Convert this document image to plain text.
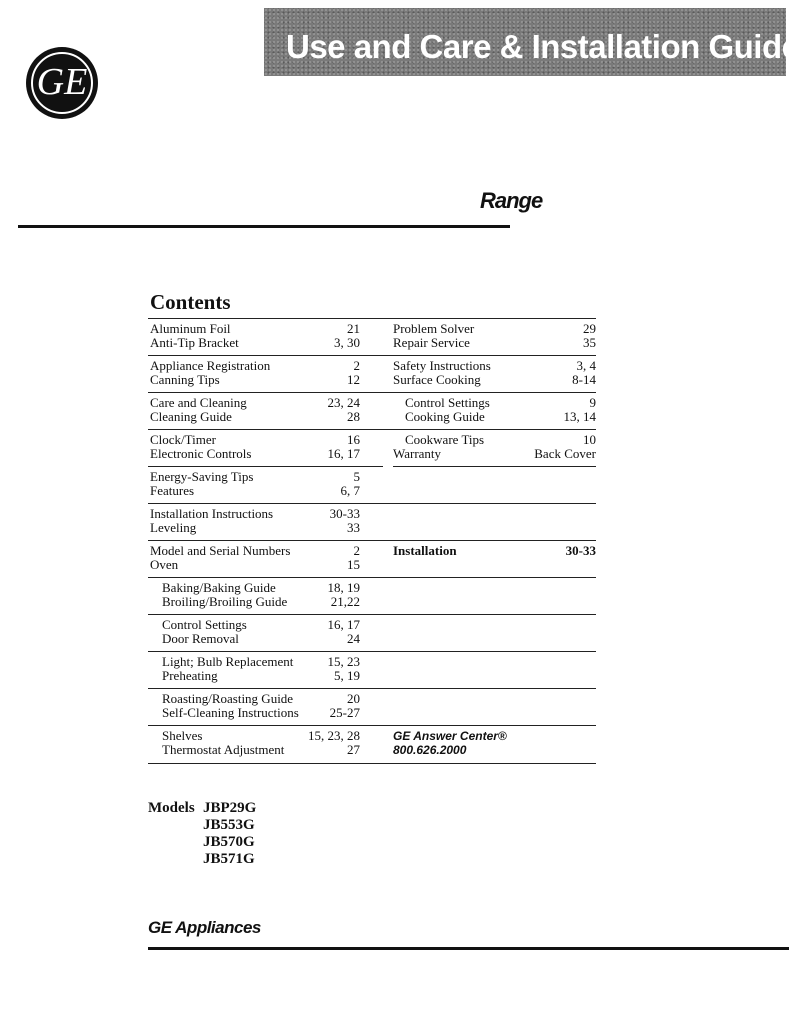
Use and Care & Installation Guide
GE
Range
Contents
Aluminum Foil	21
Anti-Tip Bracket	3, 30
Problem Solver	29
Repair Service	35
Appliance Registration	2
Canning Tips	12
Safety Instructions	3, 4
Surface Cooking	8-14
Care and Cleaning	23, 24
Cleaning Guide	28
Control Settings	9
Cooking Guide	13, 14
Clock/Timer	16
Electronic Controls	16, 17
Cookware Tips	10
Warranty	Back Cover
Energy-Saving Tips	5
Features	6, 7
Installation Instructions	30-33
Leveling	33
Model and Serial Numbers	2
Oven	15
Installation	30-33
Baking/Baking Guide	18, 19
Broiling/Broiling Guide	21,22
Control Settings	16, 17
Door Removal	24
Light; Bulb Replacement	15, 23
Preheating	5, 19
Roasting/Roasting Guide	20
Self-Cleaning Instructions 25-27
Shelves	15, 23, 28
Thermostat Adjustment	27
GE Answer Center®
800.626.2000
Models JBP29G
JB553G
JB570G
JB571G
GE Appliances
